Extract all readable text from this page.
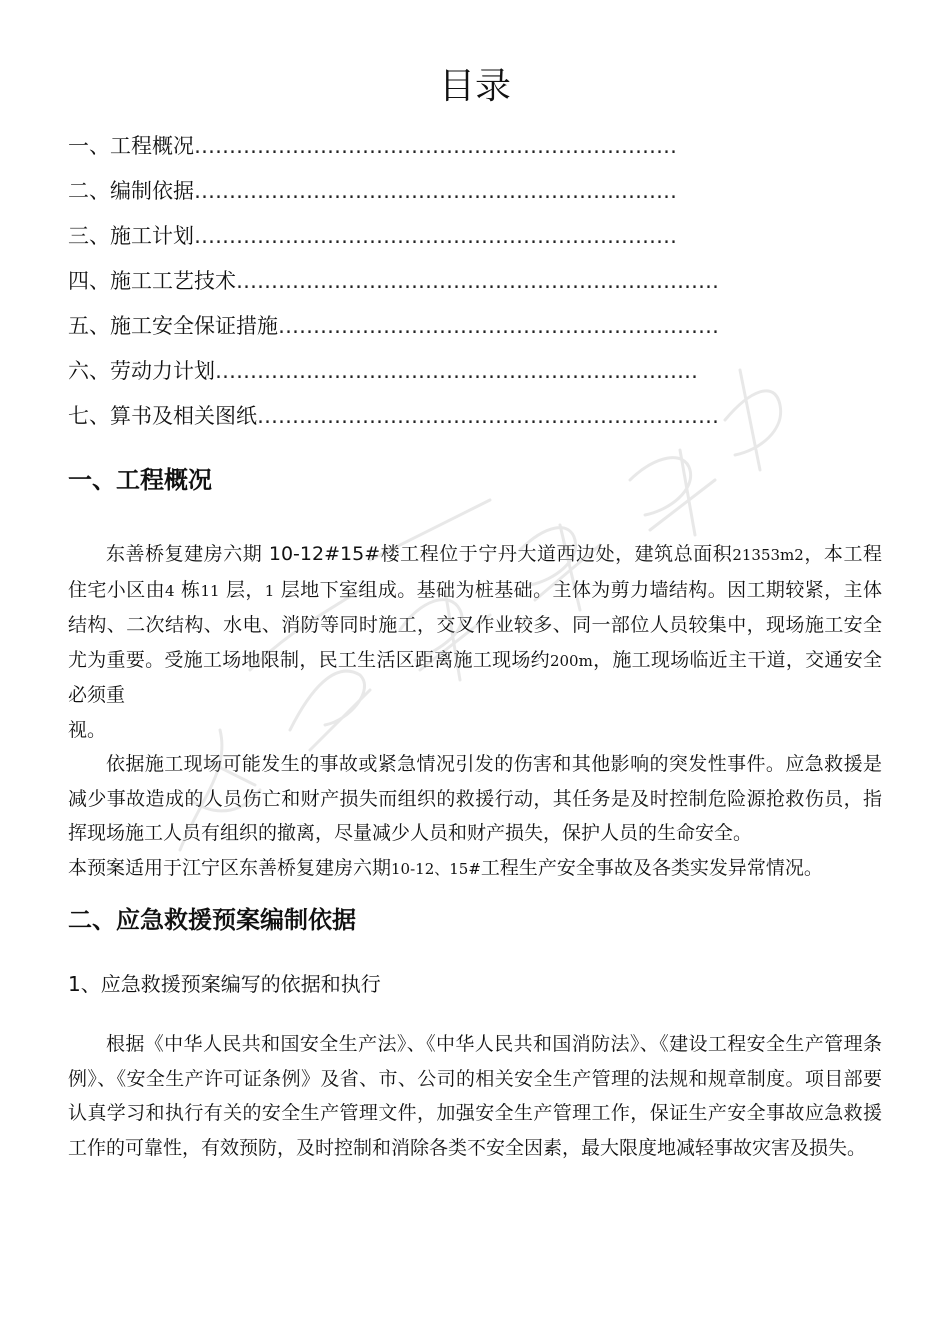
目录
一、工程概况 ……………………………………………………………
二、编制依据 ……………………………………………………………
三、施工计划 ……………………………………………………………
四、施工工艺技术 ……………………………………………………………
五、施工安全保证措施 ………………………………………………………
六、劳动力计划 ……………………………………………………………
七、算书及相关图纸 …………………………………………………………
一、工程概况

东善桥复建房六期 10-12#15#楼工程位于宁丹大道西边处，建筑总面积21353m2，本工程住宅小区由4 栋11 层，1 层地下室组成。基础为桩基础。主体为剪力墙结构。因工期较紧，主体结构、二次结构、水电、消防等同时施工，交叉作业较多、同一部位人员较集中，现场施工安全尤为重要。受施工场地限制，民工生活区距离施工现场约200m，施工现场临近主干道，交通安全必须重

视。

依据施工现场可能发生的事故或紧急情况引发的伤害和其他影响的突发性事件。应急救援是减少事故造成的人员伤亡和财产损失而组织的救援行动，其任务是及时控制危险源抢救伤员，指挥现场施工人员有组织的撤离，尽量减少人员和财产损失，保护人员的生命安全。

本预案适用于江宁区东善桥复建房六期10-12、15#工程生产安全事故及各类实发异常情况。

二、应急救援预案编制依据
1、应急救援预案编写的依据和执行

根据《中华人民共和国安全生产法》、《中华人民共和国消防法》、《建设工程安全生产管理条例》、《安全生产许可证条例》及省、市、公司的相关安全生产管理的法规和规章制度。项目部要认真学习和执行有关的安全生产管理文件，加强安全生产管理工作，保证生产安全事故应急救援工作的可靠性，有效预防，及时控制和消除各类不安全因素，最大限度地减轻事故灾害及损失。
